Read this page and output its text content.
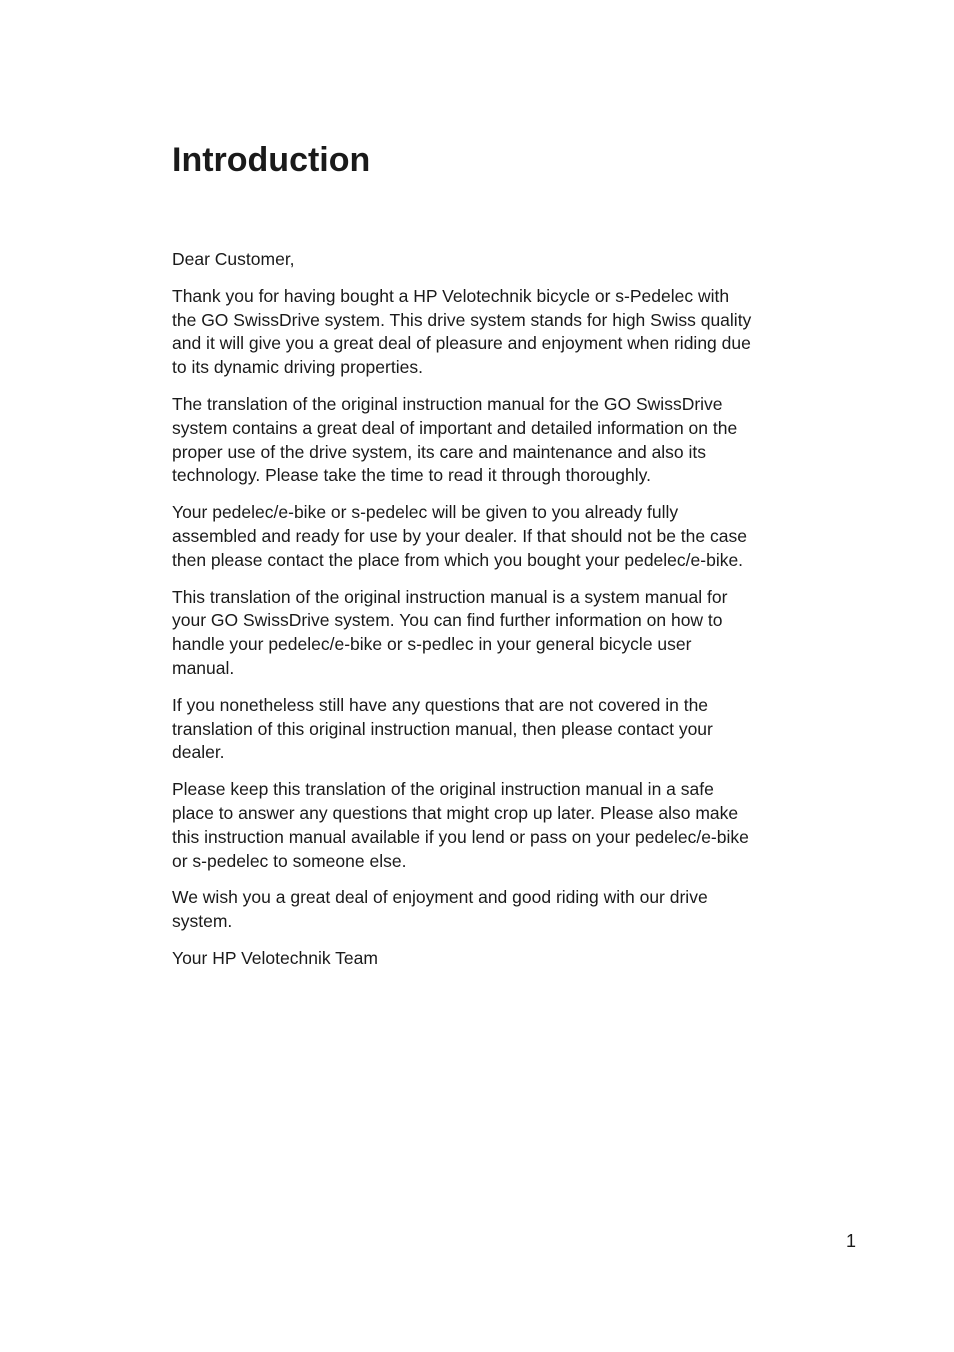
Introduction

Dear Customer,

Thank you for having bought a HP Velotechnik bicycle or s-Pedelec with the GO SwissDrive system. This drive system stands for high Swiss quality and it will give you a great deal of pleasure and enjoyment when riding due to its dynamic driving properties.

The translation of the original instruction manual for the GO SwissDrive system contains a great deal of important and detailed information on the proper use of the drive system, its care and maintenance and also its technology. Please take the time to read it through thoroughly.

Your pedelec/e-bike or s-pedelec will be given to you already fully assembled and ready for use by your dealer. If that should not be the case then please contact the place from which you bought your pedelec/e-bike.

This translation of the original instruction manual is a system manual for your GO SwissDrive system. You can find further information on how to handle your pedelec/e-bike or s-pedlec in your general bicycle user manual.

If you nonetheless still have any questions that are not covered in the translation of this original instruction manual, then please contact your dealer.

Please keep this translation of the original instruction manual in a safe place to answer any questions that might crop up later. Please also make this instruction manual available if you lend or pass on your pedelec/e-bike or s-pedelec to someone else.

We wish you a great deal of enjoyment and good riding with our drive system.

Your HP Velotechnik Team

1
